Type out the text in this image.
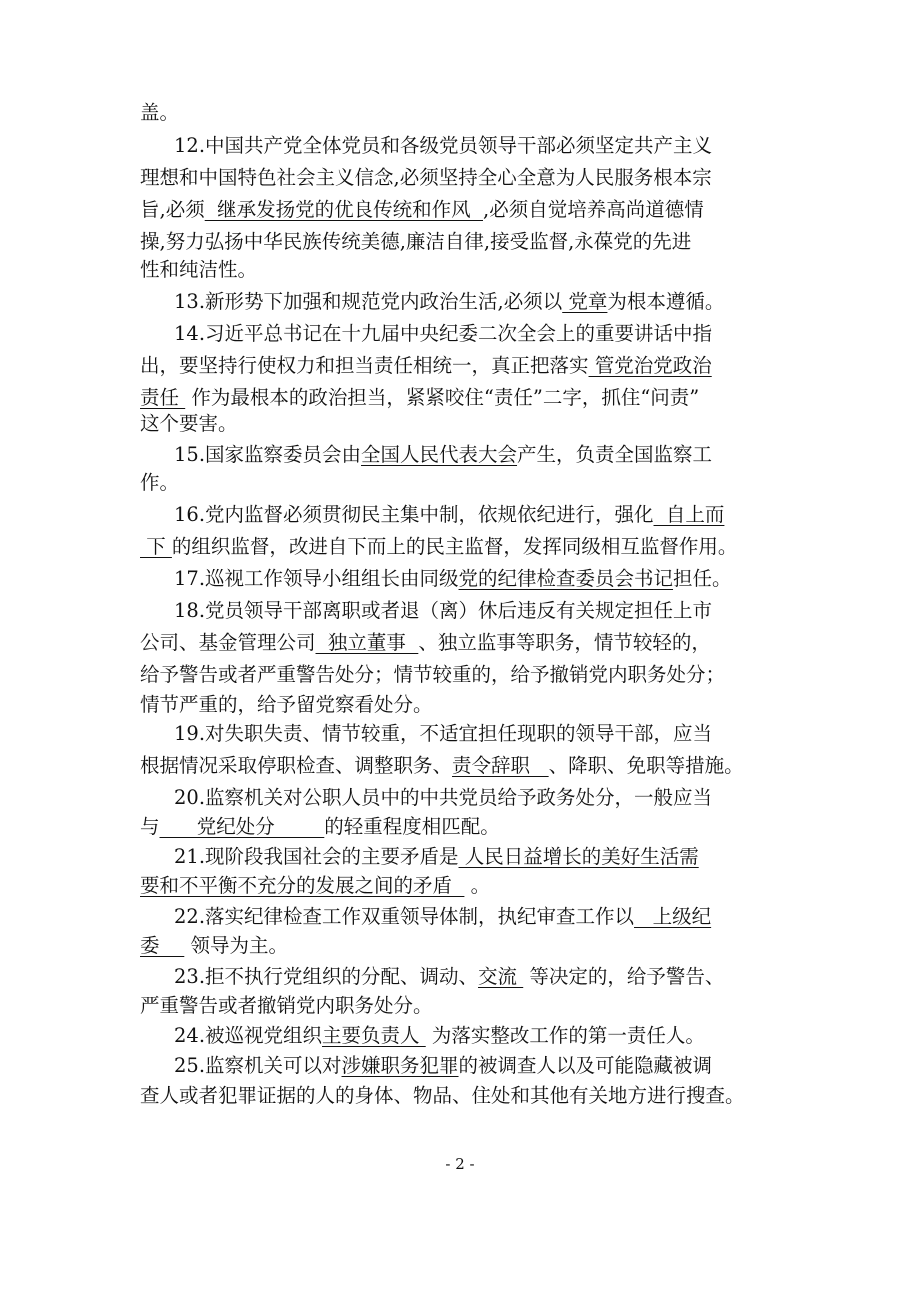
盖。
12.中国共产党全体党员和各级党员领导干部必须坚定共产主义
理想和中国特色社会主义信念,必须坚持全心全意为人民服务根本宗
旨,必须  继承发扬党的优良传统和作风  ,必须自觉培养高尚道德情
操,努力弘扬中华民族传统美德,廉洁自律,接受监督,永葆党的先进
性和纯洁性。
13.新形势下加强和规范党内政治生活,必须以 党章为根本遵循。
14.习近平总书记在十九届中央纪委二次全会上的重要讲话中指
出，要坚持行使权力和担当责任相统一，真正把落实 管党治党政治
责任  作为最根本的政治担当，紧紧咬住“责任”二字，抓住“问责”
这个要害。
15.国家监察委员会由全国人民代表大会产生，负责全国监察工
作。
16.党内监督必须贯彻民主集中制，依规依纪进行，强化  自上而
下 的组织监督，改进自下而上的民主监督，发挥同级相互监督作用。
17.巡视工作领导小组组长由同级党的纪律检查委员会书记担任。
18.党员领导干部离职或者退（离）休后违反有关规定担任上市
公司、基金管理公司  独立董事  、独立监事等职务，情节较轻的，
给予警告或者严重警告处分；情节较重的，给予撤销党内职务处分；
情节严重的，给予留党察看处分。
19.对失职失责、情节较重，不适宜担任现职的领导干部，应当
根据情况采取停职检查、调整职务、责令辞职   、降职、免职等措施。
20.监察机关对公职人员中的中共党员给予政务处分，一般应当
与      党纪处分        的轻重程度相匹配。
21.现阶段我国社会的主要矛盾是 人民日益增长的美好生活需
要和不平衡不充分的发展之间的矛盾   。
22.落实纪律检查工作双重领导体制，执纪审查工作以   上级纪
委     领导为主。
23.拒不执行党组织的分配、调动、交流  等决定的，给予警告、
严重警告或者撤销党内职务处分。
24.被巡视党组织主要负责人  为落实整改工作的第一责任人。
25.监察机关可以对涉嫌职务犯罪的被调查人以及可能隐藏被调
查人或者犯罪证据的人的身体、物品、住处和其他有关地方进行搜查。
- 2 -
